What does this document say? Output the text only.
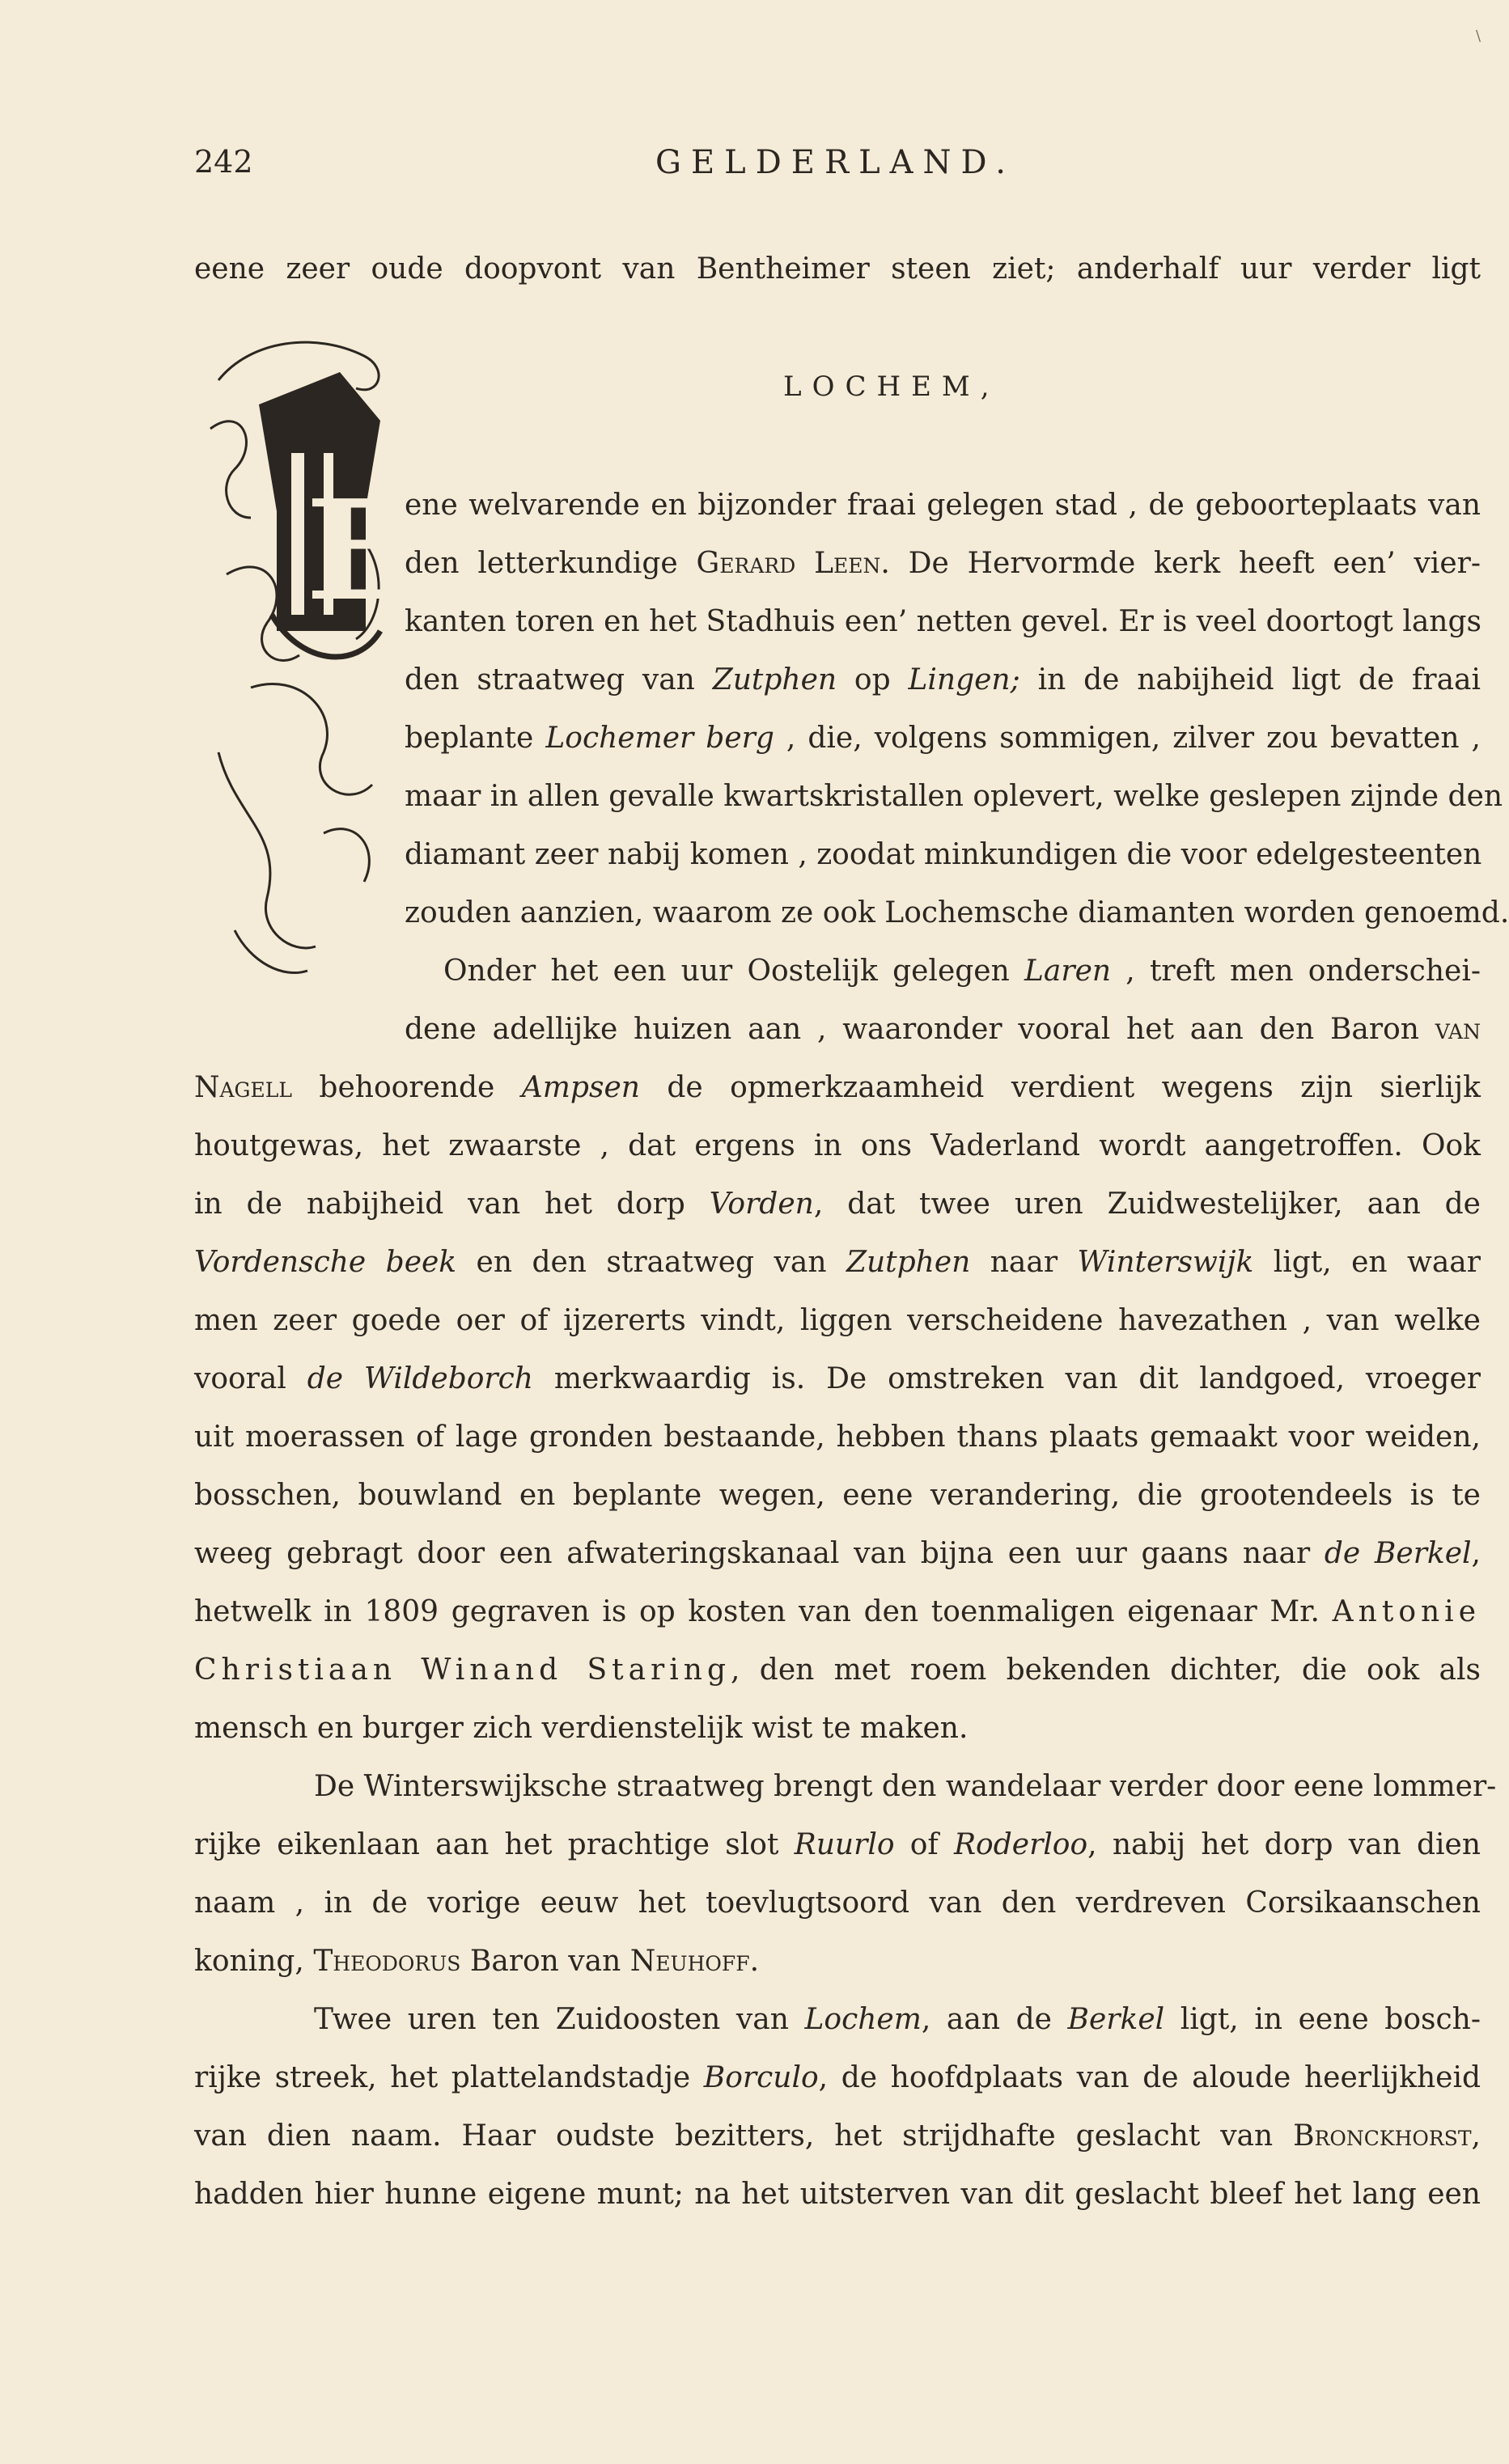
\
242	GELDERLAND.
eene zeer oude doopvont van Bentheimer steen ziet; anderhalf uur verder ligt
LOCHEM,
E
ene welvarende en bijzonder fraai gelegen stad , de geboorteplaats van
den letterkundige Gerard Leen. De Hervormde kerk heeft een’ vier-
kanten toren en het Stadhuis een’ netten gevel. Er is veel doortogt langs
den straatweg van Zutphen op Lingen; in de nabijheid ligt de fraai
beplante Lochemer berg , die, volgens sommigen, zilver zou bevatten ,
maar in allen gevalle kwartskristallen oplevert, welke geslepen zijnde den
diamant zeer nabij komen , zoodat minkundigen die voor edelgesteenten
zouden aanzien, waarom ze ook Lochemsche diamanten worden genoemd.
Onder het een uur Oostelijk gelegen Laren , treft men onderschei-
dene adellijke huizen aan , waaronder vooral het aan den Baron van
Nagell behoorende Ampsen de opmerkzaamheid verdient wegens zijn sierlijk
houtgewas, het zwaarste , dat ergens in ons Vaderland wordt aangetroffen. Ook
in de nabijheid van het dorp Vorden, dat twee uren Zuidwestelijker, aan de
Vordensche beek en den straatweg van Zutphen naar Winterswijk ligt, en waar
men zeer goede oer of ijzererts vindt, liggen verscheidene havezathen , van welke
vooral de Wildeborch merkwaardig is. De omstreken van dit landgoed, vroeger
uit moerassen of lage gronden bestaande, hebben thans plaats gemaakt voor weiden,
bosschen, bouwland en beplante wegen, eene verandering, die grootendeels is te
weeg gebragt door een afwateringskanaal van bijna een uur gaans naar de Berkel,
hetwelk in 1809 gegraven is op kosten van den toenmaligen eigenaar Mr. Antonie
Christiaan Winand Staring, den met roem bekenden dichter, die ook als
mensch en burger zich verdienstelijk wist te maken.
De Winterswijksche straatweg brengt den wandelaar verder door eene lommer-
rijke eikenlaan aan het prachtige slot Ruurlo of Roderloo, nabij het dorp van dien
naam , in de vorige eeuw het toevlugtsoord van den verdreven Corsikaanschen
koning, Theodorus Baron van Neuhoff.
Twee uren ten Zuidoosten van Lochem, aan de Berkel ligt, in eene bosch-
rijke streek, het plattelandstadje Borculo, de hoofdplaats van de aloude heerlijkheid
van dien naam. Haar oudste bezitters, het strijdhafte geslacht van Bronckhorst,
hadden hier hunne eigene munt; na het uitsterven van dit geslacht bleef het lang een
